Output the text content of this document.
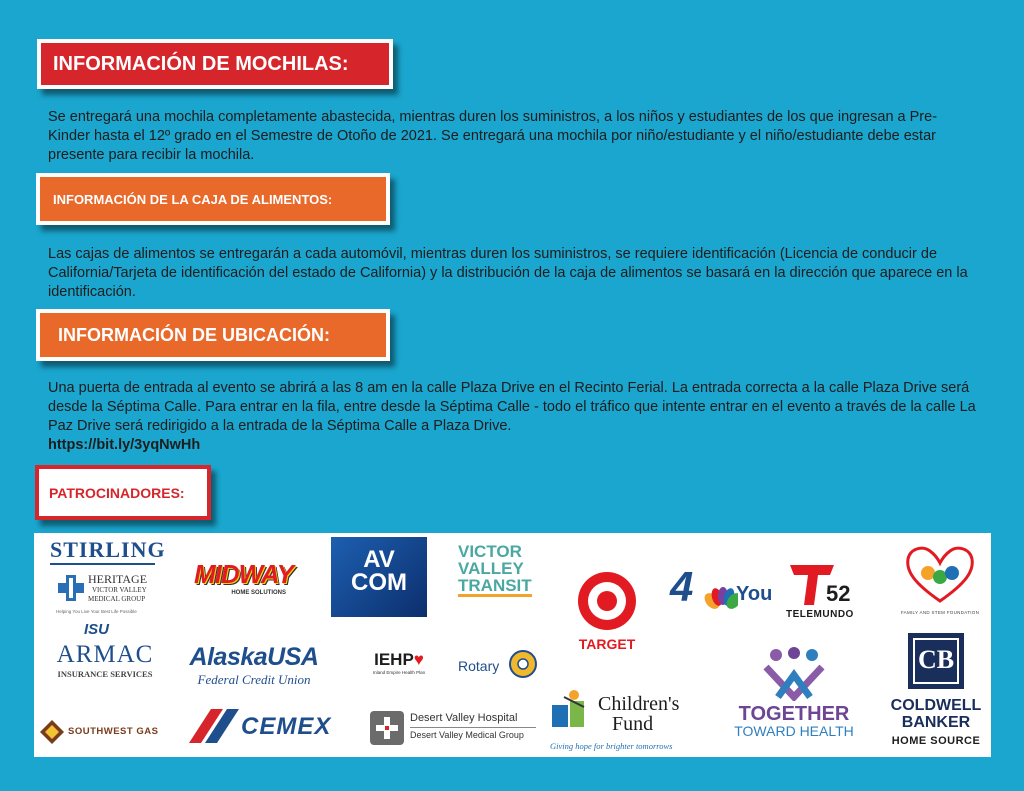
INFORMACIÓN DE MOCHILAS:
Se entregará una mochila completamente abastecida, mientras duren los suministros, a los niños y estudiantes de los que ingresan a Pre-Kinder hasta el 12º grado en el Semestre de Otoño de 2021. Se entregará una mochila por niño/estudiante y el niño/estudiante debe estar presente para recibir la mochila.
INFORMACIÓN DE LA CAJA DE ALIMENTOS:
Las cajas de alimentos se entregarán a cada automóvil, mientras duren los suministros, se requiere identificación (Licencia de conducir de California/Tarjeta de identificación del estado de California) y la distribución de la caja de alimentos se basará en la dirección que aparece en la identificación.
INFORMACIÓN DE UBICACIÓN:
Una puerta de entrada al evento se abrirá a las 8 am en la calle Plaza Drive en el Recinto Ferial. La entrada correcta a la calle Plaza Drive será desde la Séptima Calle. Para entrar en la fila, entre desde la Séptima Calle - todo el tráfico que intente entrar en el evento a través de la calle La Paz Drive será redirigido a la entrada de la Séptima Calle a Plaza Drive.
https://bit.ly/3yqNwHh
PATROCINADORES:
STIRLING
HERITAGE
VICTOR VALLEY
MEDICAL GROUP
Helping You Live Your Best Life Possible
ISU
ARMAC
INSURANCE SERVICES
SOUTHWEST GAS
MIDWAY
HOME SOLUTIONS
AlaskaUSA
Federal Credit Union
CEMEX
AV
COM
IEHP♥
Inland Empire Health Plan
Desert Valley Hospital
Desert Valley Medical Group
VICTOR
VALLEY
TRANSIT
Rotary
TARGET
Children's
Fund
Giving hope for brighter tomorrows
4 You
TOGETHER
TOWARD HEALTH
52
TELEMUNDO	FAMILY AND STEM FOUNDATION
CB
COLDWELL
BANKER
HOME SOURCE
